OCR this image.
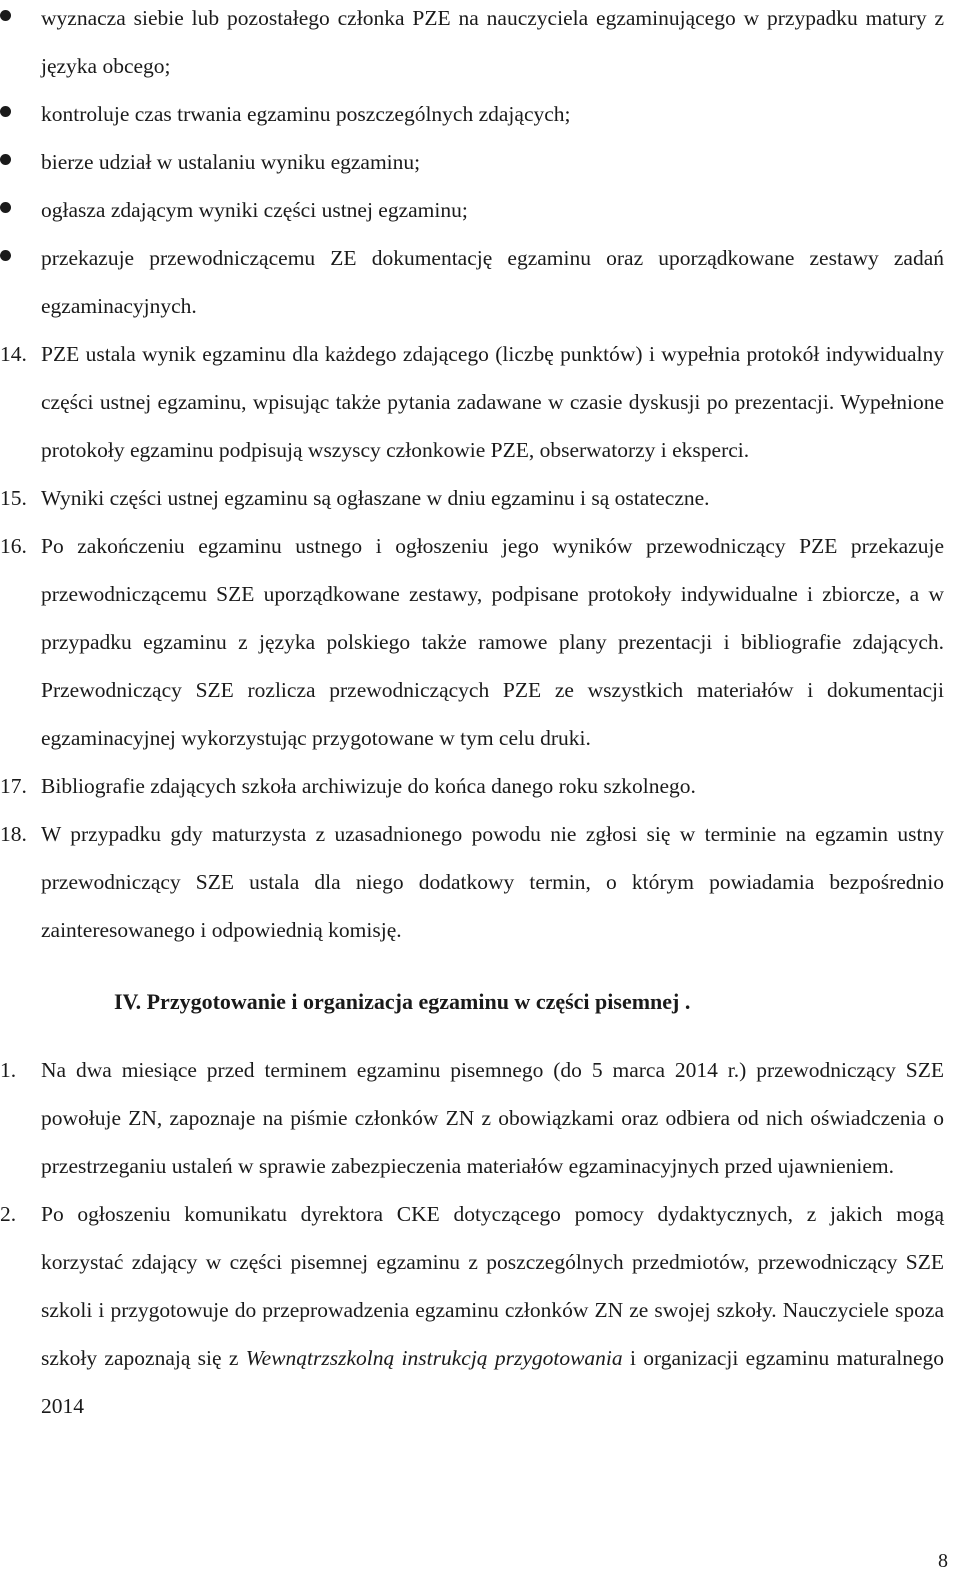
wyznacza siebie lub pozostałego członka PZE na nauczyciela egzaminującego w przypadku matury z języka obcego;
kontroluje czas trwania egzaminu poszczególnych zdających;
bierze udział w ustalaniu wyniku egzaminu;
ogłasza zdającym wyniki części ustnej egzaminu;
przekazuje przewodniczącemu ZE dokumentację egzaminu oraz uporządkowane zestawy zadań egzaminacyjnych.
14. PZE ustala wynik egzaminu dla każdego zdającego (liczbę punktów) i wypełnia protokół indywidualny części ustnej egzaminu, wpisując także pytania zadawane w czasie dyskusji po prezentacji. Wypełnione protokoły egzaminu podpisują wszyscy członkowie PZE, obserwatorzy i eksperci.
15. Wyniki części ustnej egzaminu są ogłaszane w dniu egzaminu i są ostateczne.
16. Po zakończeniu egzaminu ustnego i ogłoszeniu jego wyników przewodniczący PZE przekazuje przewodniczącemu SZE uporządkowane zestawy, podpisane protokoły indywidualne i zbiorcze, a w przypadku egzaminu z języka polskiego także ramowe plany prezentacji i bibliografie zdających. Przewodniczący SZE rozlicza przewodniczących PZE ze wszystkich materiałów i dokumentacji egzaminacyjnej wykorzystując przygotowane w tym celu druki.
17. Bibliografie zdających szkoła archiwizuje do końca danego roku szkolnego.
18. W przypadku gdy maturzysta z uzasadnionego powodu nie zgłosi się w terminie na egzamin ustny przewodniczący SZE ustala dla niego dodatkowy termin, o którym powiadamia bezpośrednio zainteresowanego i odpowiednią komisję.
IV. Przygotowanie i organizacja egzaminu w części pisemnej .
1. Na dwa miesiące przed terminem egzaminu pisemnego (do 5 marca 2014 r.) przewodniczący SZE powołuje ZN, zapoznaje na piśmie członków ZN z obowiązkami oraz odbiera od nich oświadczenia o przestrzeganiu ustaleń w sprawie zabezpieczenia materiałów egzaminacyjnych przed ujawnieniem.
2. Po ogłoszeniu komunikatu dyrektora CKE dotyczącego pomocy dydaktycznych, z jakich mogą korzystać zdający w części pisemnej egzaminu z poszczególnych przedmiotów, przewodniczący SZE szkoli i przygotowuje do przeprowadzenia egzaminu członków ZN ze swojej szkoły. Nauczyciele spoza szkoły zapoznają się z Wewnątrzszkolną instrukcją przygotowania i organizacji egzaminu maturalnego 2014
8
